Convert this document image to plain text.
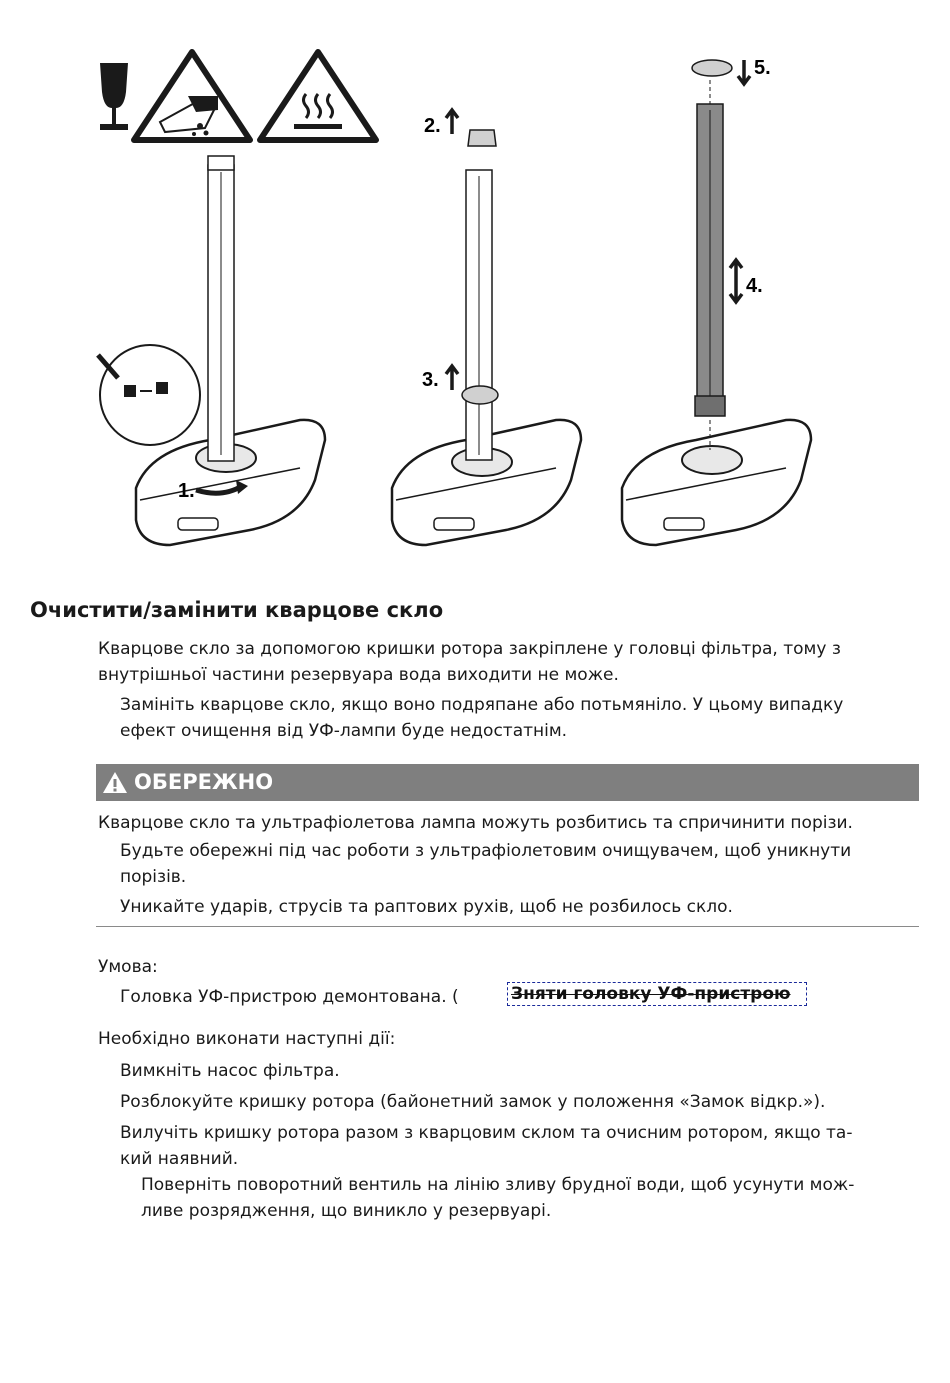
1.
2.
3.
4.
5.
Очистити/замінити кварцове скло

Кварцове скло за допомогою кришки ротора закріплене у головці фільтра, тому з

внутрішньої частини резервуара вода виходити не може.

Замініть кварцове скло, якщо воно подряпане або потьмяніло. У цьому випадку

ефект очищення від УФ-лампи буде недостатнім.

ОБЕРЕЖНО

Кварцове скло та ультрафіолетова лампа можуть розбитись та спричинити порізи.

Будьте обережні під час роботи з ультрафіолетовим очищувачем, щоб уникнути

порізів.

Уникайте ударів, струсів та раптових рухів, щоб не розбилось скло.

Умова:

Головка УФ-пристрою демонтована. (	Зняти головку УФ-пристрою

Необхідно виконати наступні дії:

Вимкніть насос фільтра.

Розблокуйте кришку ротора (байонетний замок у положення «Замок відкр.»).

Вилучіть кришку ротора разом з кварцовим склом та очисним ротором, якщо та-

кий наявний.

Поверніть поворотний вентиль на лінію зливу брудної води, щоб усунути мож-

ливе розрядження, що виникло у резервуарі.
